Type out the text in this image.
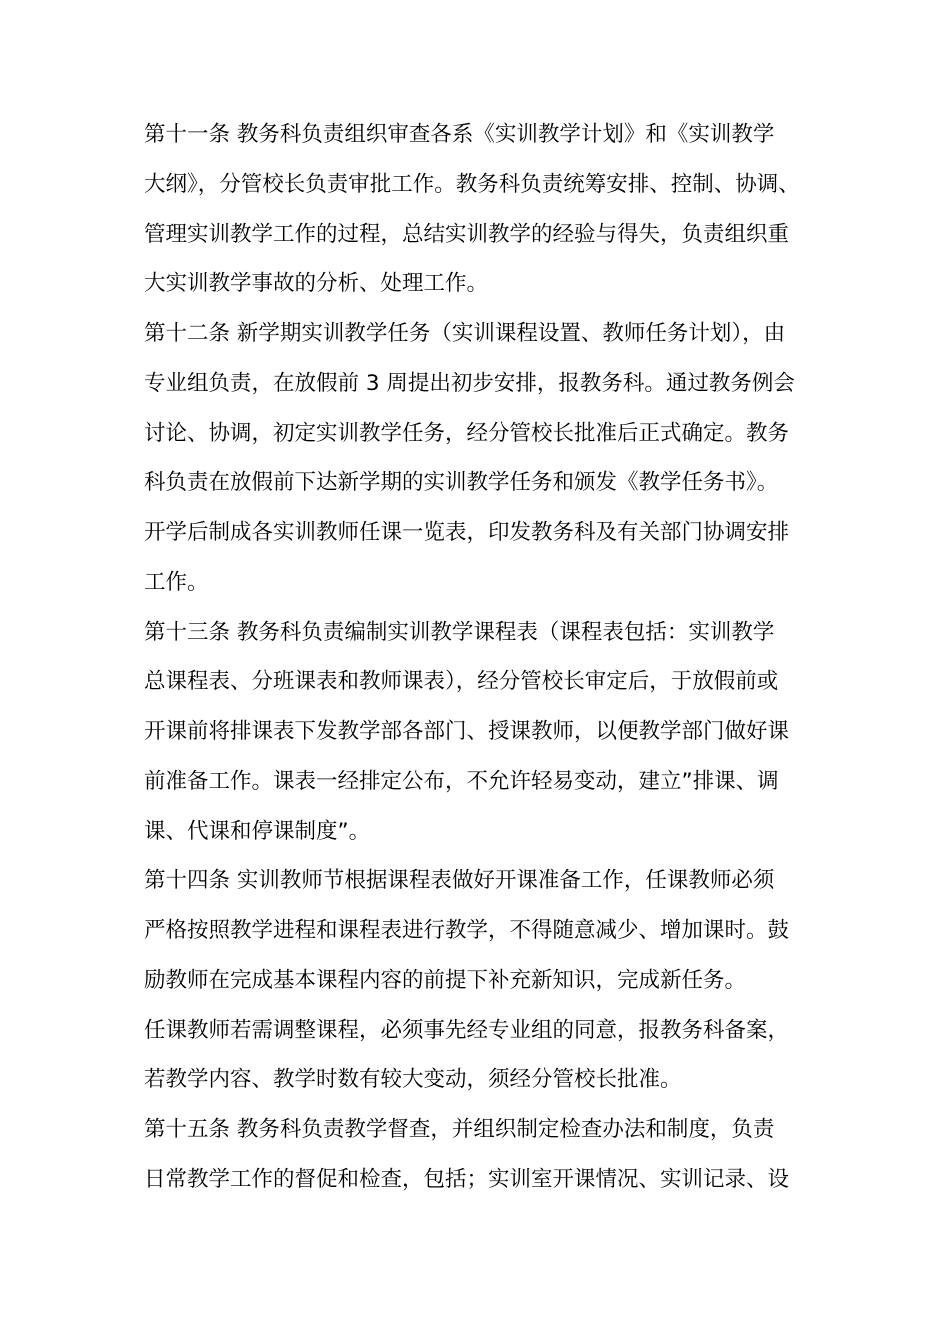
第十一条 教务科负责组织审查各系《实训教学计划》和《实训教学
大纲》，分管校长负责审批工作。教务科负责统筹安排、控制、协调、
管理实训教学工作的过程，总结实训教学的经验与得失，负责组织重
大实训教学事故的分析、处理工作。
第十二条 新学期实训教学任务（实训课程设置、教师任务计划），由
专业组负责，在放假前 3 周提出初步安排，报教务科。通过教务例会
讨论、协调，初定实训教学任务，经分管校长批准后正式确定。教务
科负责在放假前下达新学期的实训教学任务和颁发《教学任务书》。
开学后制成各实训教师任课一览表，印发教务科及有关部门协调安排
工作。
第十三条 教务科负责编制实训教学课程表（课程表包括：实训教学
总课程表、分班课表和教师课表），经分管校长审定后，于放假前或
开课前将排课表下发教学部各部门、授课教师，以便教学部门做好课
前准备工作。课表一经排定公布，不允许轻易变动，建立”排课、调
课、代课和停课制度”。
第十四条 实训教师节根据课程表做好开课准备工作，任课教师必须
严格按照教学进程和课程表进行教学，不得随意减少、增加课时。鼓
励教师在完成基本课程内容的前提下补充新知识，完成新任务。
任课教师若需调整课程，必须事先经专业组的同意，报教务科备案，
若教学内容、教学时数有较大变动，须经分管校长批准。
第十五条 教务科负责教学督查，并组织制定检查办法和制度，负责
日常教学工作的督促和检查，包括；实训室开课情况、实训记录、设
